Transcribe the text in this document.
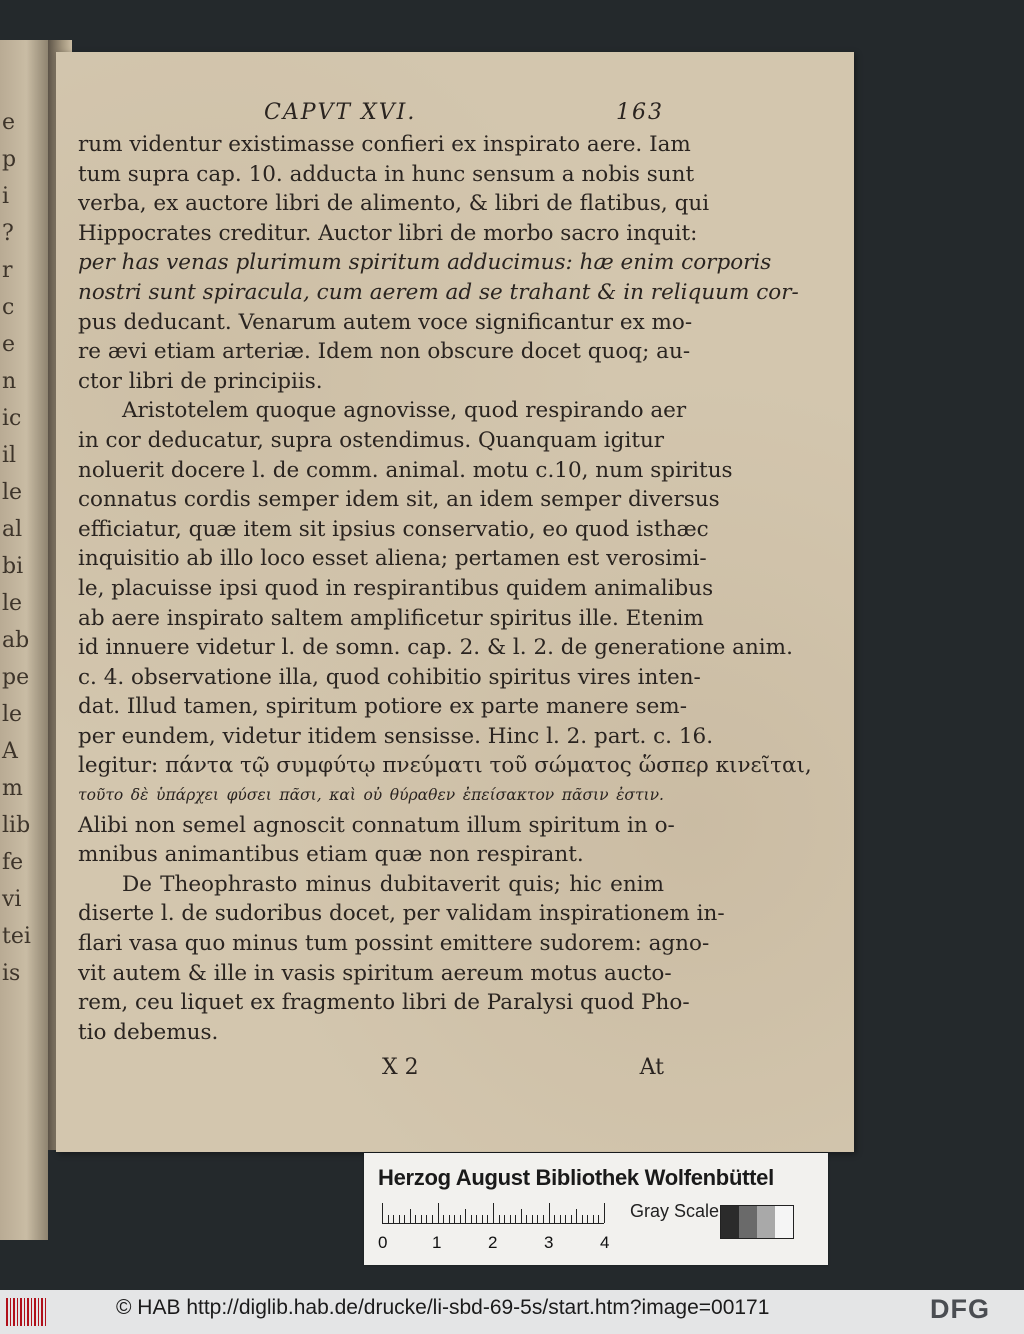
e
p
i
?
r
c
e
n
ic
il
le
al
bi
le
ab
pe
le
A
m
lib
fe
vi
tei
is
CAPVT XVI.	163
rum videntur existimasse confieri ex inspirato aere. Iam
tum supra cap. 10. adducta in hunc sensum a nobis sunt
verba, ex auctore libri de alimento, & libri de flatibus, qui
Hippocrates creditur. Auctor libri de morbo sacro inquit:
per has venas plurimum spiritum adducimus: hæ enim corporis
nostri sunt spiracula, cum aerem ad se trahant & in reliquum cor-
pus deducant. Venarum autem voce significantur ex mo-
re ævi etiam arteriæ. Idem non obscure docet quoq; au-
ctor libri de principiis.
Aristotelem quoque agnovisse, quod respirando aer
in cor deducatur, supra ostendimus. Quanquam igitur
noluerit docere l. de comm. animal. motu c.10, num spiritus
connatus cordis semper idem sit, an idem semper diversus
efficiatur, quæ item sit ipsius conservatio, eo quod isthæc
inquisitio ab illo loco esset aliena; pertamen est verosimi-
le, placuisse ipsi quod in respirantibus quidem animalibus
ab aere inspirato saltem amplificetur spiritus ille. Etenim
id innuere videtur l. de somn. cap. 2. & l. 2. de generatione anim.
c. 4. observatione illa, quod cohibitio spiritus vires inten-
dat. Illud tamen, spiritum potiore ex parte manere sem-
per eundem, videtur itidem sensisse. Hinc l. 2. part. c. 16.
legitur: πάντα τῷ συμφύτῳ πνεύματι τοῦ σώματος ὥσπερ κινεῖται,
τοῦτο δὲ ὑπάρχει φύσει πᾶσι, καὶ οὐ θύραθεν ἐπείσακτον πᾶσιν ἐστιν.
Alibi non semel agnoscit connatum illum spiritum in o-
mnibus animantibus etiam quæ non respirant.
De Theophrasto minus dubitaverit quis; hic enim
diserte l. de sudoribus docet, per validam inspirationem in-
flari vasa quo minus tum possint emittere sudorem: agno-
vit autem & ille in vasis spiritum aereum motus aucto-
rem, ceu liquet ex fragmento libri de Paralysi quod Pho-
tio debemus.
X 2	At
Herzog August Bibliothek Wolfenbüttel
0	1	2	3	4
Gray Scale
© HAB http://diglib.hab.de/drucke/li-sbd-69-5s/start.htm?image=00171	DFG
